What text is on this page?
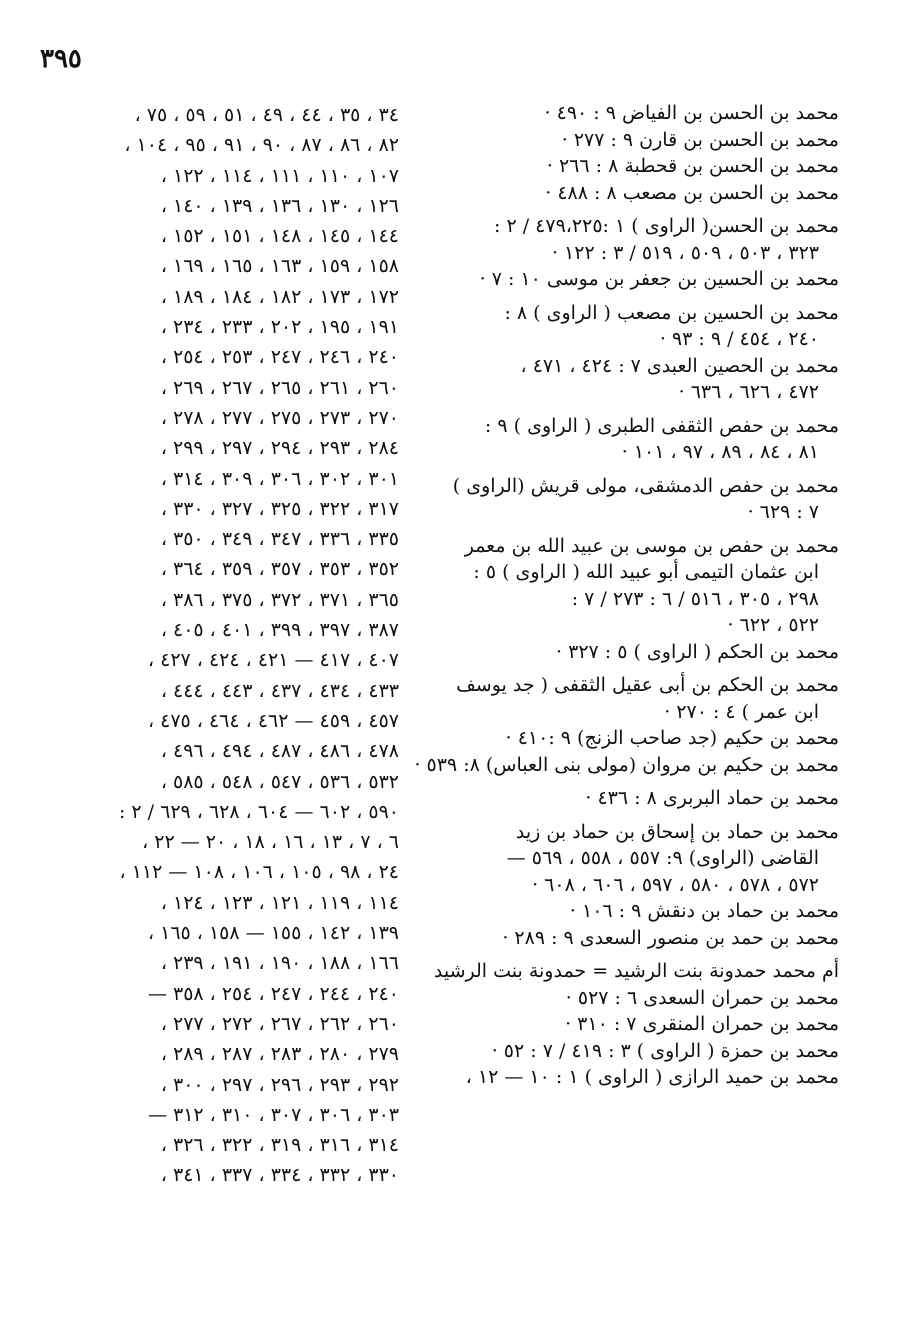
٣٩٥
محمد بن الحسن بن الفياض ٩ : ٤٩٠ ·
محمد بن الحسن بن قارن ٩ : ٢٧٧ ·
محمد بن الحسن بن قحطبة ٨ : ٢٦٦ ·
محمد بن الحسن بن مصعب ٨ : ٤٨٨ ·
محمد بن الحسن( الراوى ) ١ :٤٧٩،٢٢٥ / ٢ :
٣٢٣ ، ٥٠٣ ، ٥٠٩ ، ٥١٩ / ٣ : ١٢٢ ·
محمد بن الحسين بن جعفر بن موسى ١٠ : ٧ ·
محمد بن الحسين بن مصعب ( الراوى ) ٨ :
٢٤٠ ، ٤٥٤ / ٩ : ٩٣ ·
محمد بن الحصين العبدى ٧ : ٤٢٤ ، ٤٧١ ،
٤٧٢ ، ٦٢٦ ، ٦٣٦ ·
محمد بن حفص الثقفى الطبرى ( الراوى ) ٩ :
٨١ ، ٨٤ ، ٨٩ ، ٩٧ ، ١٠١ ·
محمد بن حفص الدمشقى، مولى قريش (الراوى )
٧ : ٦٢٩ ·
محمد بن حفص بن موسى بن عبيد الله بن معمر
ابن عثمان التيمى أبو عبيد الله ( الراوى ) ٥ :
٢٩٨ ، ٣٠٥ ، ٥١٦ / ٦ : ٢٧٣ / ٧ :
٥٢٢ ، ٦٢٢ ·
محمد بن الحكم ( الراوى ) ٥ : ٣٢٧ ·
محمد بن الحكم بن أبى عقيل الثقفى ( جد يوسف
ابن عمر ) ٤ : ٢٧٠ ·
محمد بن حكيم (جد صاحب الزنج) ٩ :٤١٠ ·
محمد بن حكيم بن مروان (مولى بنى العباس) ٨: ٥٣٩ ·
محمد بن حماد البربرى ٨ : ٤٣٦ ·
محمد بن حماد بن إسحاق بن حماد بن زيد
القاضى (الراوى) ٩: ٥٥٧ ، ٥٥٨ ، ٥٦٩ —
٥٧٢ ، ٥٧٨ ، ٥٨٠ ، ٥٩٧ ، ٦٠٦ ، ٦٠٨ ·
محمد بن حماد بن دنقش ٩ : ١٠٦ ·
محمد بن حمد بن منصور السعدى ٩ : ٢٨٩ ·
أم محمد حمدونة بنت الرشيد = حمدونة بنت الرشيد
محمد بن حمران السعدى ٦ : ٥٢٧ ·
محمد بن حمران المنقرى ٧ : ٣١٠ ·
محمد بن حمزة ( الراوى ) ٣ : ٤١٩ / ٧ : ٥٢ ·
محمد بن حميد الرازى ( الراوى ) ١ : ١٠ — ١٢ ،
٣٤ ، ٣٥ ، ٤٤ ، ٤٩ ، ٥١ ، ٥٩ ، ٧٥ ،
٨٢ ، ٨٦ ، ٨٧ ، ٩٠ ، ٩١ ، ٩٥ ، ١٠٤ ،
١٠٧ ، ١١٠ ، ١١١ ، ١١٤ ، ١٢٢ ،
١٢٦ ، ١٣٠ ، ١٣٦ ، ١٣٩ ، ١٤٠ ،
١٤٤ ، ١٤٥ ، ١٤٨ ، ١٥١ ، ١٥٢ ،
١٥٨ ، ١٥٩ ، ١٦٣ ، ١٦٥ ، ١٦٩ ،
١٧٢ ، ١٧٣ ، ١٨٢ ، ١٨٤ ، ١٨٩ ،
١٩١ ، ١٩٥ ، ٢٠٢ ، ٢٣٣ ، ٢٣٤ ،
٢٤٠ ، ٢٤٦ ، ٢٤٧ ، ٢٥٣ ، ٢٥٤ ،
٢٦٠ ، ٢٦١ ، ٢٦٥ ، ٢٦٧ ، ٢٦٩ ،
٢٧٠ ، ٢٧٣ ، ٢٧٥ ، ٢٧٧ ، ٢٧٨ ،
٢٨٤ ، ٢٩٣ ، ٢٩٤ ، ٢٩٧ ، ٢٩٩ ،
٣٠١ ، ٣٠٢ ، ٣٠٦ ، ٣٠٩ ، ٣١٤ ،
٣١٧ ، ٣٢٢ ، ٣٢٥ ، ٣٢٧ ، ٣٣٠ ،
٣٣٥ ، ٣٣٦ ، ٣٤٧ ، ٣٤٩ ، ٣٥٠ ،
٣٥٢ ، ٣٥٣ ، ٣٥٧ ، ٣٥٩ ، ٣٦٤ ،
٣٦٥ ، ٣٧١ ، ٣٧٢ ، ٣٧٥ ، ٣٨٦ ،
٣٨٧ ، ٣٩٧ ، ٣٩٩ ، ٤٠١ ، ٤٠٥ ،
٤٠٧ ، ٤١٧ — ٤٢١ ، ٤٢٤ ، ٤٢٧ ،
٤٣٣ ، ٤٣٤ ، ٤٣٧ ، ٤٤٣ ، ٤٤٤ ،
٤٥٧ ، ٤٥٩ — ٤٦٢ ، ٤٦٤ ، ٤٧٥ ،
٤٧٨ ، ٤٨٦ ، ٤٨٧ ، ٤٩٤ ، ٤٩٦ ،
٥٣٢ ، ٥٣٦ ، ٥٤٧ ، ٥٤٨ ، ٥٨٥ ،
٥٩٠ ، ٦٠٢ — ٦٠٤ ، ٦٢٨ ، ٦٢٩ / ٢ :
٦ ، ٧ ، ١٣ ، ١٦ ، ١٨ ، ٢٠ — ٢٢ ،
٢٤ ، ٩٨ ، ١٠٥ ، ١٠٦ ، ١٠٨ — ١١٢ ،
١١٤ ، ١١٩ ، ١٢١ ، ١٢٣ ، ١٢٤ ،
١٣٩ ، ١٤٢ ، ١٥٥ — ١٥٨ ، ١٦٥ ،
١٦٦ ، ١٨٨ ، ١٩٠ ، ١٩١ ، ٢٣٩ ،
٢٤٠ ، ٢٤٤ ، ٢٤٧ ، ٢٥٤ ، ٣٥٨ —
٢٦٠ ، ٢٦٢ ، ٢٦٧ ، ٢٧٢ ، ٢٧٧ ،
٢٧٩ ، ٢٨٠ ، ٢٨٣ ، ٢٨٧ ، ٢٨٩ ،
٢٩٢ ، ٢٩٣ ، ٢٩٦ ، ٢٩٧ ، ٣٠٠ ،
٣٠٣ ، ٣٠٦ ، ٣٠٧ ، ٣١٠ ، ٣١٢ —
٣١٤ ، ٣١٦ ، ٣١٩ ، ٣٢٢ ، ٣٢٦ ،
٣٣٠ ، ٣٣٢ ، ٣٣٤ ، ٣٣٧ ، ٣٤١ ،
